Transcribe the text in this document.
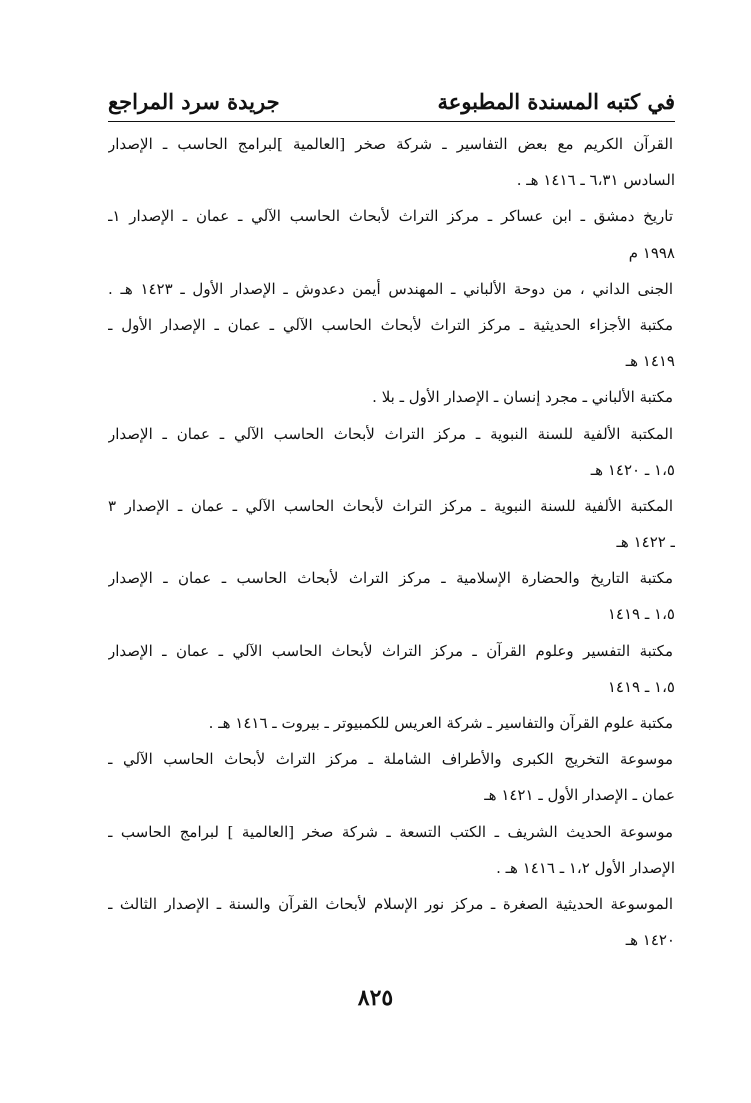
في كتبه المسندة المطبوعة
جريدة سرد المراجع
القرآن الكريم مع بعض التفاسير ـ شركة صخر [العالمية ]لبرامج الحاسب ـ الإصدار
السادس ٦،٣١ ـ ١٤١٦ هـ .
تاريخ دمشق ـ ابن عساكر ـ مركز التراث لأبحاث الحاسب الآلي ـ عمان ـ الإصدار ١ـ
١٩٩٨ م
الجنى الداني ، من دوحة الألباني ـ المهندس أيمن دعدوش ـ الإصدار الأول ـ ١٤٢٣ هـ .
مكتبة الأجزاء الحديثية ـ مركز التراث لأبحاث الحاسب الآلي ـ عمان ـ الإصدار الأول ـ
١٤١٩ هـ
مكتبة الألباني ـ مجرد إنسان ـ الإصدار الأول ـ بلا .
المكتبة الألفية للسنة النبوية ـ مركز التراث لأبحاث الحاسب الآلي ـ عمان ـ الإصدار
١،٥ ـ ١٤٢٠ هـ
المكتبة الألفية للسنة النبوية ـ مركز التراث لأبحاث الحاسب الآلي ـ عمان ـ الإصدار ٣
ـ ١٤٢٢ هـ
مكتبة التاريخ والحضارة الإسلامية ـ مركز التراث لأبحاث الحاسب ـ عمان ـ الإصدار
١،٥ ـ ١٤١٩
مكتبة التفسير وعلوم القرآن ـ مركز التراث لأبحاث الحاسب الآلي ـ عمان ـ الإصدار
١،٥ ـ ١٤١٩
مكتبة علوم القرآن والتفاسير ـ شركة العريس للكمبيوتر ـ بيروت ـ ١٤١٦ هـ .
موسوعة التخريج الكبرى والأطراف الشاملة ـ مركز التراث لأبحاث الحاسب الآلي ـ
عمان ـ الإصدار الأول ـ ١٤٢١ هـ
موسوعة الحديث الشريف ـ الكتب التسعة ـ شركة صخر [العالمية ] لبرامج الحاسب ـ
الإصدار الأول ١،٢ ـ ١٤١٦ هـ .
الموسوعة الحديثية الصغرة ـ مركز نور الإسلام لأبحاث القرآن والسنة ـ الإصدار الثالث ـ
١٤٢٠ هـ
٨٢٥
